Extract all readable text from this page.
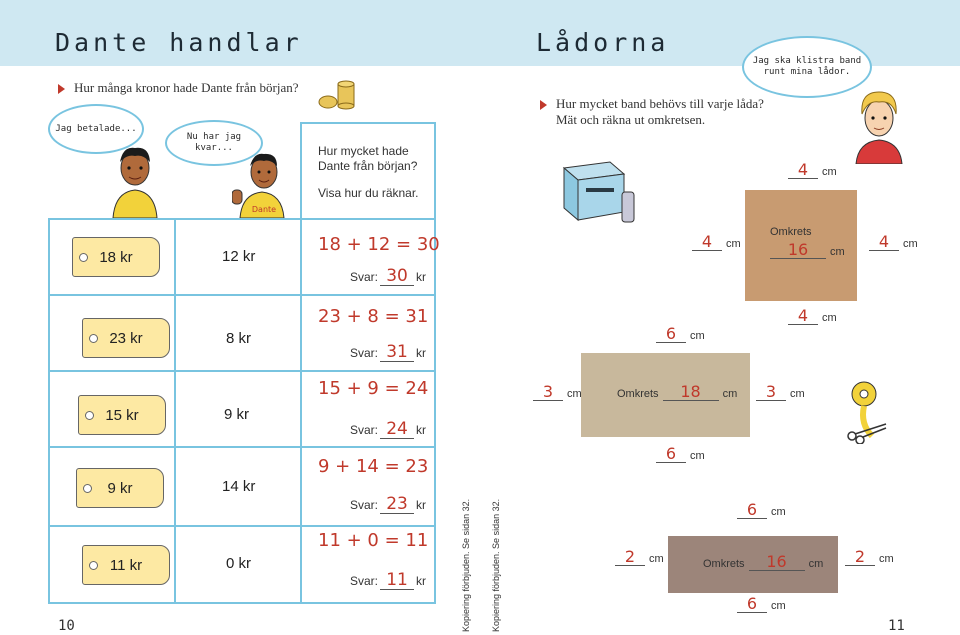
Dante handlar
Hur många kronor hade Dante från början?
Jag betalade...
Nu har jag kvar...
Dante
Hur mycket hade
Dante från början?
Visa hur du räknar.
18 kr	12 kr
18 + 12 = 30
Svar: 30 kr
23 kr	8 kr
23 + 8 = 31
Svar: 31 kr
15 kr	9 kr
15 + 9 = 24
Svar: 24 kr
9 kr	14 kr
9 + 14 = 23
Svar: 23 kr
11 kr	0 kr
11 + 0 = 11
Svar: 11 kr
10	Kopiering förbjuden. Se sidan 32. Kopiering förbjuden. Se sidan 32.
Lådorna
Jag ska klistra band runt mina lådor.
Hur mycket band behövs till varje låda?
Mät och räkna ut omkretsen.
4 cm
4 cm	4 cm
Omkrets
16 cm
4 cm
6 cm
3 cm	Omkrets 18 cm	3 cm
6 cm
6 cm
2 cm	Omkrets 16 cm	2 cm
6 cm
11
